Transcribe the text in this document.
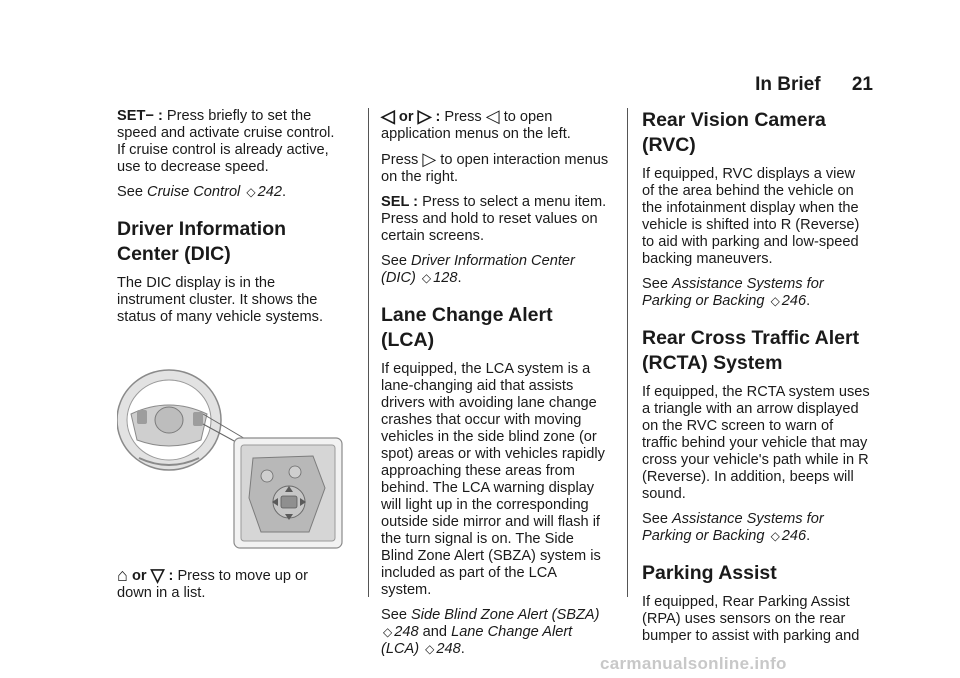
In Brief 21

SET− : Press briefly to set the speed and activate cruise control. If cruise control is already active, use to decrease speed.

See Cruise Control ◇ 242.

Driver Information Center (DIC)

The DIC display is in the instrument cluster. It shows the status of many vehicle systems.

⌂ or ▽ : Press to move up or down in a list.

◁ or ▷ : Press ◁ to open application menus on the left.

Press ▷ to open interaction menus on the right.

SEL : Press to select a menu item. Press and hold to reset values on certain screens.

See Driver Information Center (DIC) ◇ 128.

Lane Change Alert (LCA)

If equipped, the LCA system is a lane-changing aid that assists drivers with avoiding lane change crashes that occur with moving vehicles in the side blind zone (or spot) areas or with vehicles rapidly approaching these areas from behind. The LCA warning display will light up in the corresponding outside side mirror and will flash if the turn signal is on. The Side Blind Zone Alert (SBZA) system is included as part of the LCA system.

See Side Blind Zone Alert (SBZA) ◇ 248 and Lane Change Alert (LCA) ◇ 248.

Rear Vision Camera (RVC)

If equipped, RVC displays a view of the area behind the vehicle on the infotainment display when the vehicle is shifted into R (Reverse) to aid with parking and low-speed backing maneuvers.

See Assistance Systems for Parking or Backing ◇ 246.

Rear Cross Traffic Alert (RCTA) System

If equipped, the RCTA system uses a triangle with an arrow displayed on the RVC screen to warn of traffic behind your vehicle that may cross your vehicle's path while in R (Reverse). In addition, beeps will sound.

See Assistance Systems for Parking or Backing ◇ 246.

Parking Assist

If equipped, Rear Parking Assist (RPA) uses sensors on the rear bumper to assist with parking and

carmanualsonline.info
